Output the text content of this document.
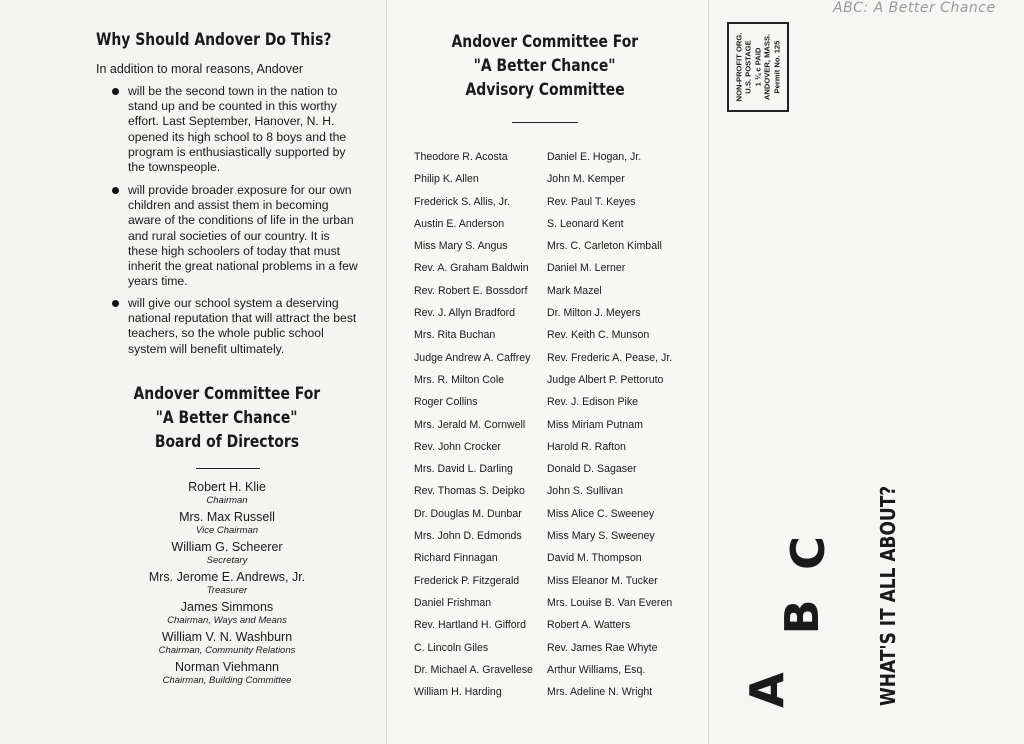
Why Should Andover Do This?
In addition to moral reasons, Andover
will be the second town in the nation to stand up and be counted in this worthy effort. Last September, Hanover, N. H. opened its high school to 8 boys and the program is enthusiastically supported by the townspeople.
will provide broader exposure for our own children and assist them in becoming aware of the conditions of life in the urban and rural societies of our country. It is these high schoolers of today that must inherit the great national problems in a few years time.
will give our school system a deserving national reputation that will attract the best teachers, so the whole public school system will benefit ultimately.
Andover Committee For
"A Better Chance"
Board of Directors
Robert H. Klie
Chairman
Mrs. Max Russell
Vice Chairman
William G. Scheerer
Secretary
Mrs. Jerome E. Andrews, Jr.
Treasurer
James Simmons
Chairman, Ways and Means
William V. N. Washburn
Chairman, Community Relations
Norman Viehmann
Chairman, Building Committee
Andover Committee For
"A Better Chance"
Advisory Committee
Theodore R. Acosta
Philip K. Allen
Frederick S. Allis, Jr.
Austin E. Anderson
Miss Mary S. Angus
Rev. A. Graham Baldwin
Rev. Robert E. Bossdorf
Rev. J. Allyn Bradford
Mrs. Rita Buchan
Judge Andrew A. Caffrey
Mrs. R. Milton Cole
Roger Collins
Mrs. Jerald M. Cornwell
Rev. John Crocker
Mrs. David L. Darling
Rev. Thomas S. Deipko
Dr. Douglas M. Dunbar
Mrs. John D. Edmonds
Richard Finnagan
Frederick P. Fitzgerald
Daniel Frishman
Rev. Hartland H. Gifford
C. Lincoln Giles
Dr. Michael A. Gravellese
William H. Harding
Daniel E. Hogan, Jr.
John M. Kemper
Rev. Paul T. Keyes
S. Leonard Kent
Mrs. C. Carleton Kimball
Daniel M. Lerner
Mark Mazel
Dr. Milton J. Meyers
Rev. Keith C. Munson
Rev. Frederic A. Pease, Jr.
Judge Albert P. Pettoruto
Rev. J. Edison Pike
Miss Miriam Putnam
Harold R. Rafton
Donald D. Sagaser
John S. Sullivan
Miss Alice C. Sweeney
Miss Mary S. Sweeney
David M. Thompson
Miss Eleanor M. Tucker
Mrs. Louise B. Van Everen
Robert A. Watters
Rev. James Rae Whyte
Arthur Williams, Esq.
Mrs. Adeline N. Wright
ABC: A Better Chance
NON-PROFIT ORG. U.S. POSTAGE 1 ¼ c PAID ANDOVER, MASS. Permit No. 125
A
B
C WHAT'S IT ALL ABOUT?
